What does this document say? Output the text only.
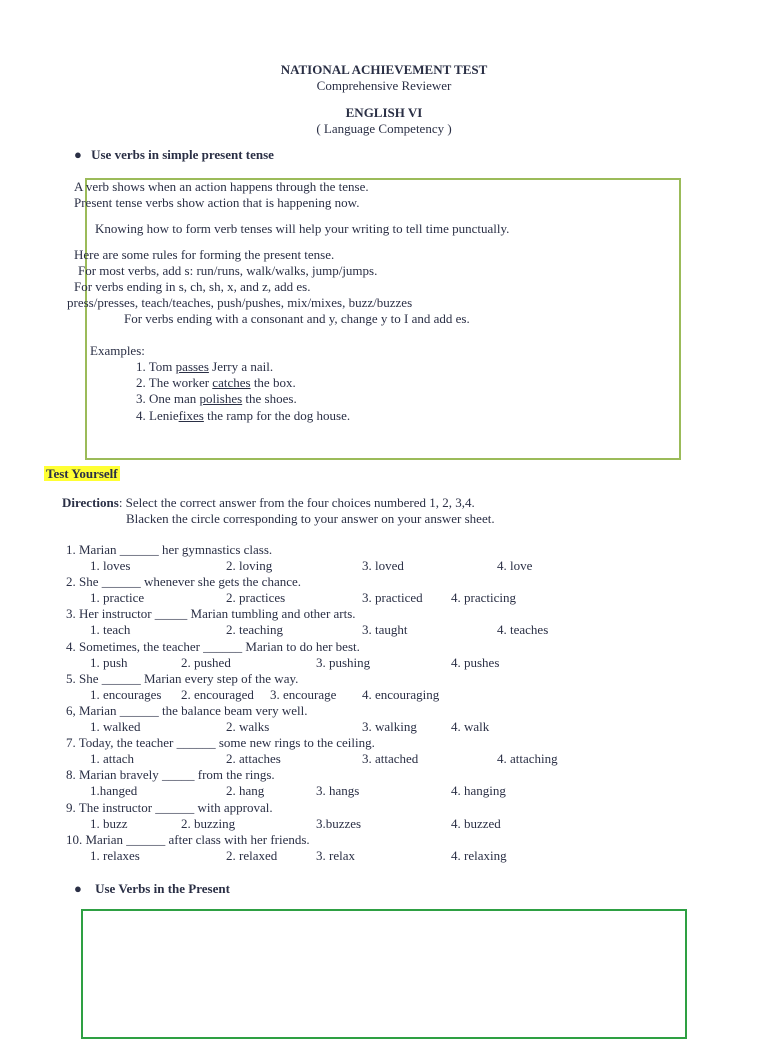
NATIONAL ACHIEVEMENT TEST
Comprehensive Reviewer
ENGLISH VI
( Language Competency )
● Use verbs in simple present tense
A verb shows when an action happens through the tense.
Present tense verbs show action that is happening now.
Knowing how to form verb tenses will help your writing to tell time punctually.
Here are some rules for forming the present tense.
For most verbs, add s: run/runs, walk/walks, jump/jumps.
For verbs ending in s, ch, sh, x, and z, add es.
press/presses, teach/teaches, push/pushes, mix/mixes, buzz/buzzes
For verbs ending with a consonant and y, change y to I and add es.
Examples:
1. Tom passes Jerry a nail.
2. The worker catches the box.
3. One man polishes the shoes.
4. Leniefixes the ramp for the dog house.
Test Yourself
Directions: Select the correct answer from the four choices numbered 1, 2, 3,4.
Blacken the circle corresponding to your answer on your answer sheet.
1. Marian ______ her gymnastics class.
1. loves	2. loving	3. loved	4. love
2. She ______ whenever she gets the chance.
1. practice	2. practices	3. practiced 4. practicing
3. Her instructor _____ Marian tumbling and other arts.
1. teach	2. teaching	3. taught	4. teaches
4. Sometimes, the teacher ______ Marian to do her best.
1. push	2. pushed	3. pushing	4. pushes
5. She ______ Marian every step of the way.
1. encourages 2. encouraged 3. encourage 4. encouraging
6, Marian ______ the balance beam very well.
1. walked	2. walks	3. walking	4. walk
7. Today, the teacher ______ some new rings to the ceiling.
1. attach	2. attaches	3. attached	4. attaching
8. Marian bravely _____ from the rings.
1.hanged	2. hang	3. hangs	4. hanging
9. The instructor ______ with approval.
1. buzz	2. buzzing	3.buzzes	4. buzzed
10. Marian ______ after class with her friends.
1. relaxes	2. relaxed	3. relax	4. relaxing
● Use Verbs in the Present
